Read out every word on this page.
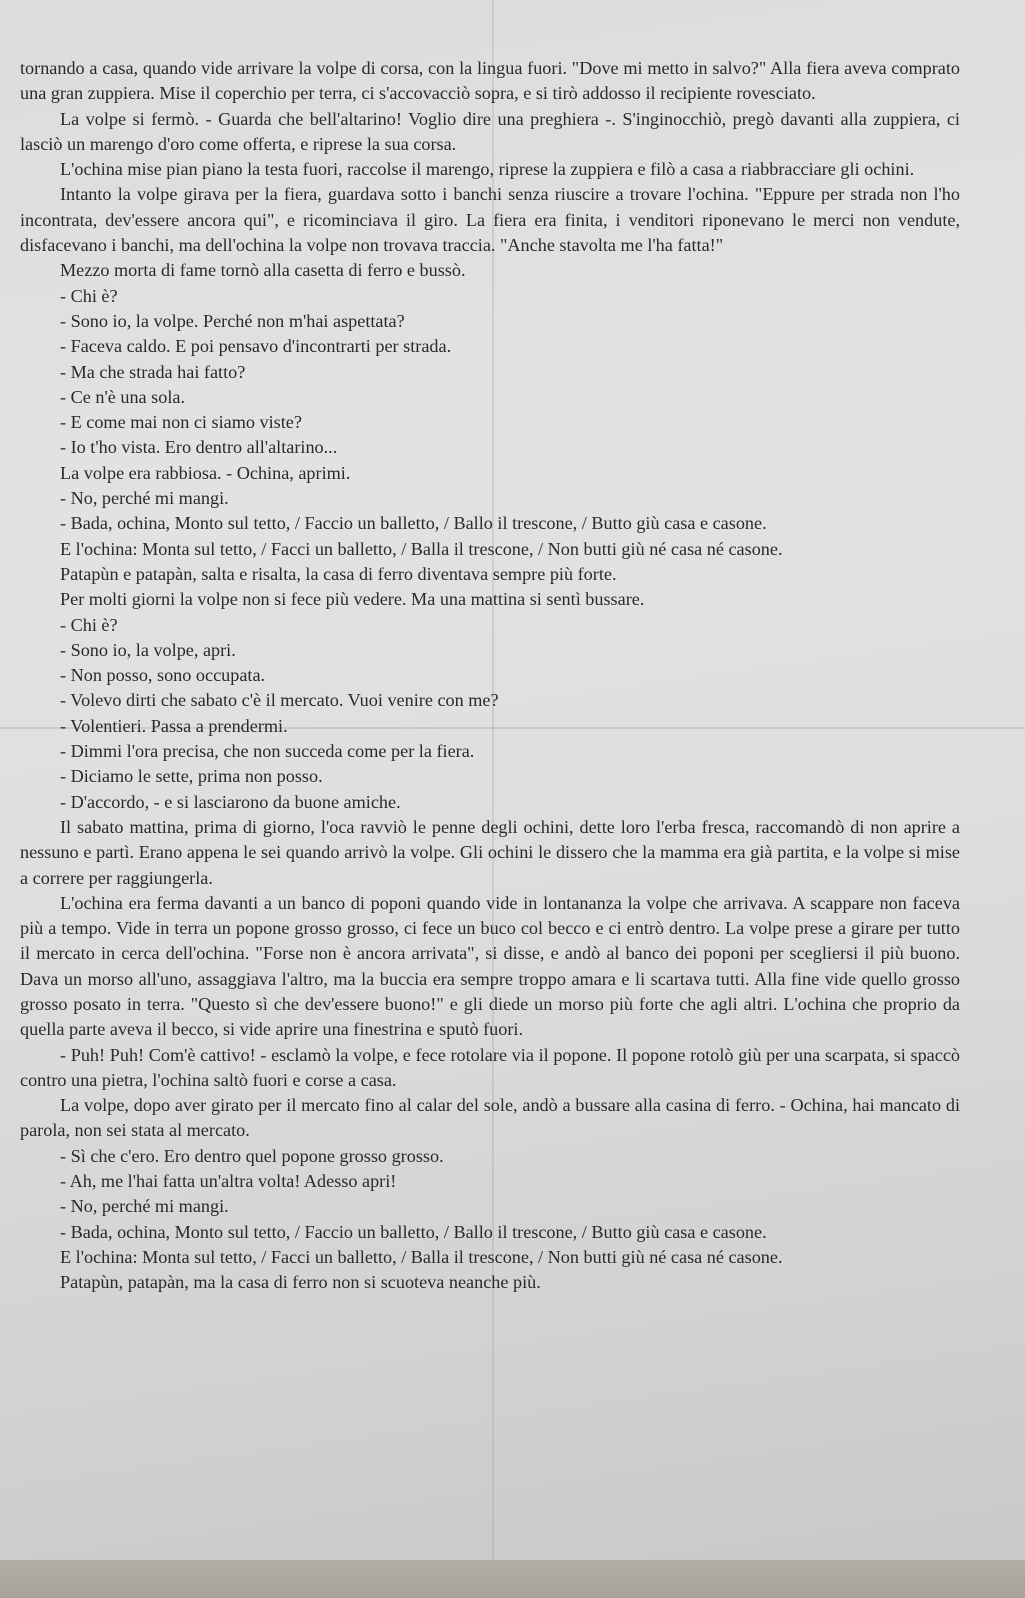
tornando a casa, quando vide arrivare la volpe di corsa, con la lingua fuori. "Dove mi metto in salvo?" Alla fiera aveva comprato una gran zuppiera. Mise il coperchio per terra, ci s'accovacciò sopra, e si tirò addosso il recipiente rovesciato.

La volpe si fermò. - Guarda che bell'altarino! Voglio dire una preghiera -. S'inginocchiò, pregò davanti alla zuppiera, ci lasciò un marengo d'oro come offerta, e riprese la sua corsa.

L'ochina mise pian piano la testa fuori, raccolse il marengo, riprese la zuppiera e filò a casa a riabbracciare gli ochini.

Intanto la volpe girava per la fiera, guardava sotto i banchi senza riuscire a trovare l'ochina. "Eppure per strada non l'ho incontrata, dev'essere ancora qui", e ricominciava il giro. La fiera era finita, i venditori riponevano le merci non vendute, disfacevano i banchi, ma dell'ochina la volpe non trovava traccia. "Anche stavolta me l'ha fatta!"

Mezzo morta di fame tornò alla casetta di ferro e bussò.

- Chi è?

- Sono io, la volpe. Perché non m'hai aspettata?

- Faceva caldo. E poi pensavo d'incontrarti per strada.

- Ma che strada hai fatto?

- Ce n'è una sola.

- E come mai non ci siamo viste?

- Io t'ho vista. Ero dentro all'altarino...

La volpe era rabbiosa. - Ochina, aprimi.

- No, perché mi mangi.

- Bada, ochina, Monto sul tetto, / Faccio un balletto, / Ballo il trescone, / Butto giù casa e casone.

E l'ochina: Monta sul tetto, / Facci un balletto, / Balla il trescone, / Non butti giù né casa né casone.

Patapùn e patapàn, salta e risalta, la casa di ferro diventava sempre più forte.

Per molti giorni la volpe non si fece più vedere. Ma una mattina si sentì bussare.

- Chi è?

- Sono io, la volpe, apri.

- Non posso, sono occupata.

- Volevo dirti che sabato c'è il mercato. Vuoi venire con me?

- Volentieri. Passa a prendermi.

- Dimmi l'ora precisa, che non succeda come per la fiera.

- Diciamo le sette, prima non posso.

- D'accordo, - e si lasciarono da buone amiche.

Il sabato mattina, prima di giorno, l'oca ravviò le penne degli ochini, dette loro l'erba fresca, raccomandò di non aprire a nessuno e partì. Erano appena le sei quando arrivò la volpe. Gli ochini le dissero che la mamma era già partita, e la volpe si mise a correre per raggiungerla.

L'ochina era ferma davanti a un banco di poponi quando vide in lontananza la volpe che arrivava. A scappare non faceva più a tempo. Vide in terra un popone grosso grosso, ci fece un buco col becco e ci entrò dentro. La volpe prese a girare per tutto il mercato in cerca dell'ochina. "Forse non è ancora arrivata", si disse, e andò al banco dei poponi per scegliersi il più buono. Dava un morso all'uno, assaggiava l'altro, ma la buccia era sempre troppo amara e li scartava tutti. Alla fine vide quello grosso grosso posato in terra. "Questo sì che dev'essere buono!" e gli diede un morso più forte che agli altri. L'ochina che proprio da quella parte aveva il becco, si vide aprire una finestrina e sputò fuori.

- Puh! Puh! Com'è cattivo! - esclamò la volpe, e fece rotolare via il popone. Il popone rotolò giù per una scarpata, si spaccò contro una pietra, l'ochina saltò fuori e corse a casa.

La volpe, dopo aver girato per il mercato fino al calar del sole, andò a bussare alla casina di ferro. - Ochina, hai mancato di parola, non sei stata al mercato.

- Sì che c'ero. Ero dentro quel popone grosso grosso.

- Ah, me l'hai fatta un'altra volta! Adesso apri!

- No, perché mi mangi.

- Bada, ochina, Monto sul tetto, / Faccio un balletto, / Ballo il trescone, / Butto giù casa e casone.

E l'ochina: Monta sul tetto, / Facci un balletto, / Balla il trescone, / Non butti giù né casa né casone.

Patapùn, patapàn, ma la casa di ferro non si scuoteva neanche più.
